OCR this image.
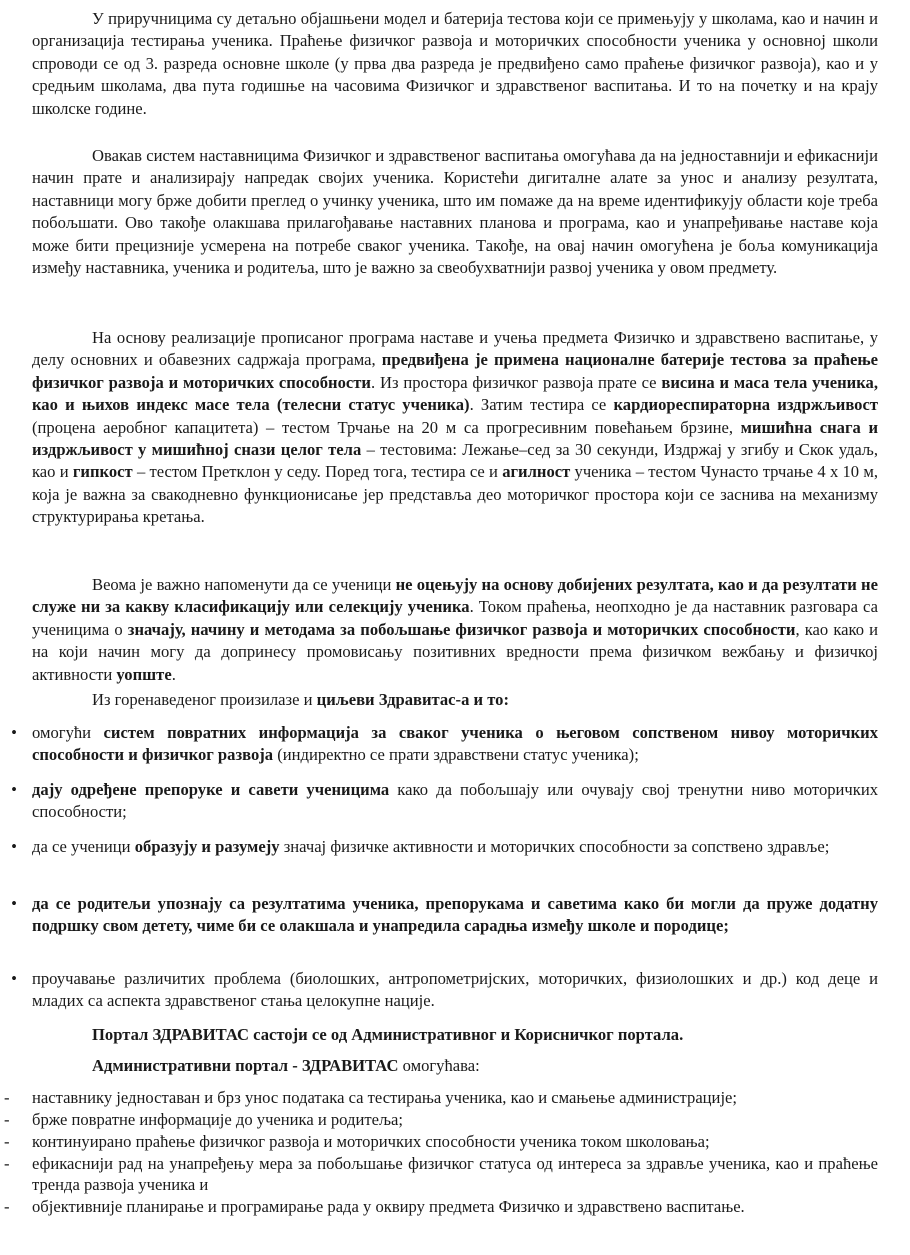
У приручницима су детаљно објашњени модел и батерија тестова који се примењују у школама, као и начин и организација тестирања ученика. Праћење физичког развоја и моторичких способности ученика у основној школи спроводи се од 3. разреда основне школе (у прва два разреда је предвиђено само праћење физичког развоја), као и у средњим школама, два пута годишње на часовима Физичког и здравственог васпитања. И то на почетку и на крају школске године.

Овакав систем наставницима Физичког и здравственог васпитања омогућава да на једноставнији и ефикаснији начин прате и анализирају напредак својих ученика. Користећи дигиталне алате за унос и анализу резултата, наставници могу брже добити преглед о учинку ученика, што им помаже да на време идентификују области које треба побољшати. Ово такође олакшава прилагођавање наставних планова и програма, као и унапређивање наставе која може бити прецизније усмерена на потребе сваког ученика. Такође, на овај начин омогућена је боља комуникација између наставника, ученика и родитеља, што је важно за свеобухватнији развој ученика у овом предмету.

На основу реализације прописаног програма наставе и учења предмета Физичко и здравствено васпитање, у делу основних и обавезних садржаја програма, предвиђена је примена националне батерије тестова за праћење физичког развоја и моторичких способности. Из простора физичког развоја прате се висина и маса тела ученика, као и њихов индекс масе тела (телесни статус ученика). Затим тестира се кардиореспираторна издржљивост (процена аеробног капацитета) – тестом Трчање на 20 м са прогресивним повећањем брзине, мишићна снага и издржљивост у мишићној снази целог тела – тестовима: Лежање–сед за 30 секунди, Издржај у згибу и Скок удаљ, као и гипкост – тестом Претклон у седу. Поред тога, тестира се и агилност ученика – тестом Чунасто трчање 4 х 10 м, која је важна за свакодневно функционисање јер представља део моторичког простора који се заснива на механизму структурирања кретања.

Веома је важно напоменути да се ученици не оцењују на основу добијених резултата, као и да резултати не служе ни за какву класификацију или селекцију ученика. Током праћења, неопходно је да наставник разговара са ученицима о значају, начину и методама за побољшање физичког развоја и моторичких способности, као како и на који начин могу да допринесу промовисању позитивних вредности према физичком вежбању и физичкој активности уопште.

Из горенаведеног произилазе и циљеви Здравитас-а и то:

• омогући систем повратних информација за сваког ученика о његовом сопственом нивоу моторичких способности и физичког развоја (индиректно се прати здравствени статус ученика);

• дају одређене препоруке и савети ученицима како да побољшају или очувају свој тренутни ниво моторичких способности;

• да се ученици образују и разумеју значај физичке активности и моторичких способности за сопствено здравље;

• да се родитељи упознају са резултатима ученика, препорукама и саветима како би могли да пруже додатну подршку свом детету, чиме би се олакшала и унапредила сарадња између школе и породице;

• проучавање различитих проблема (биолошких, антропометријских, моторичких, физиолошких и др.) код деце и младих са аспекта здравственог стања целокупне нације.

Портал ЗДРАВИТАС састоји се од Административног и Корисничког портала.

Административни портал - ЗДРАВИТАС омогућава:

-	наставнику једноставан и брз унос података са тестирања ученика, као и смањење администрације;

-	брже повратне информације до ученика и родитеља;

-	континуирано праћење физичког развоја и моторичких способности ученика током школовања;

-	ефикаснији рад на унапређењу мера за побољшање физичког статуса од интереса за здравље ученика, као и праћење тренда развоја ученика и

-	објективније планирање и програмирање рада у оквиру предмета Физичко и здравствено васпитање.
